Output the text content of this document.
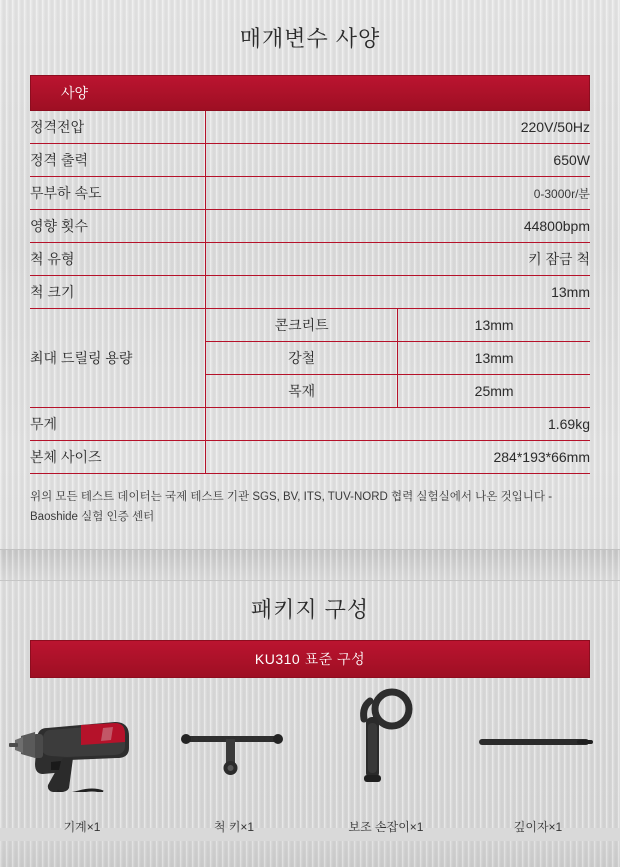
매개변수 사양
사양
정격전압	220V/50Hz	
정격 출력	650W	
무부하 속도	0-3000r/분	
영향 횟수	44800bpm	
척 유형	키 잠금 척	
척 크기	13mm	
최대 드릴링 용량	콘크리트	13mm
	강철	13mm
	목재	25mm
무게	1.69kg	
본체 사이즈	284*193*66mm	
위의 모든 테스트 데이터는 국제 테스트 기관 SGS, BV, ITS, TUV-NORD 협력 실험실에서 나온 것입니다 -
Baoshide 실험 인증 센터
패키지 구성
KU310 표준 구성
기계×1	척 키×1	보조 손잡이×1	깊이자×1
